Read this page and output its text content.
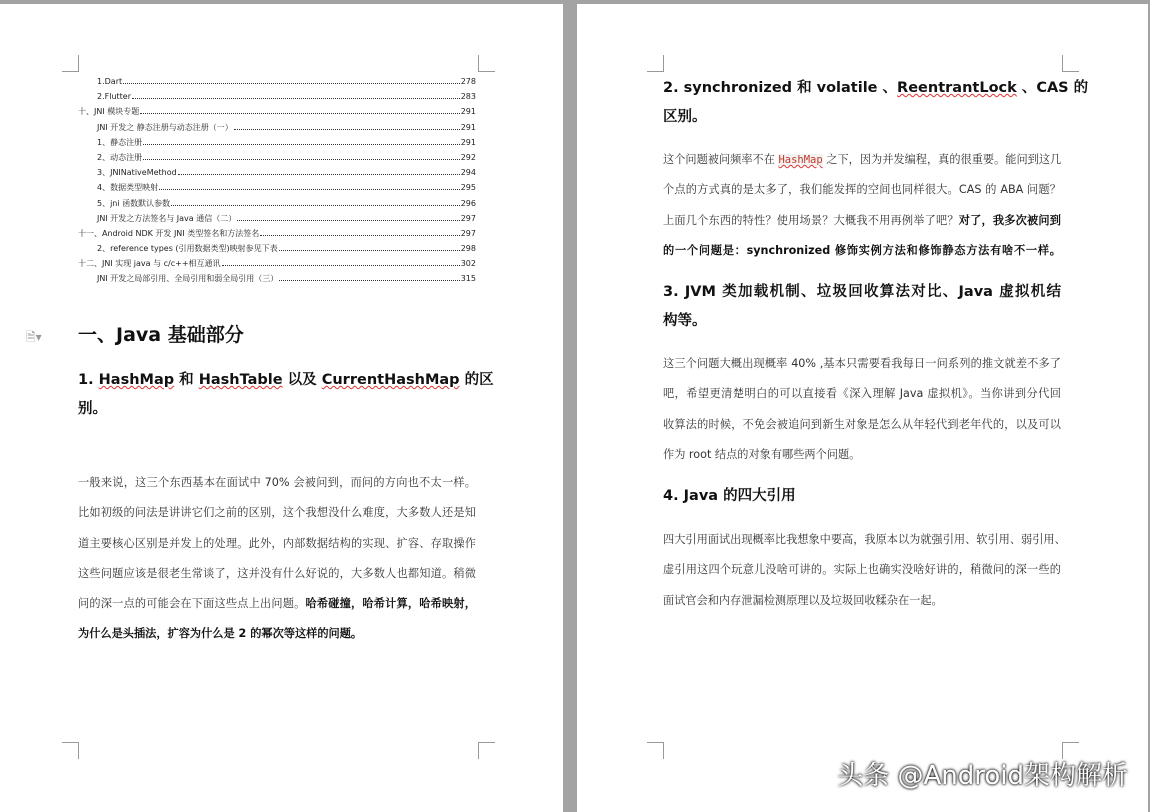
1.Dart	278
2.Flutter	283
十、JNI 模块专题	291
JNI 开发之 静态注册与动态注册（一）	291
1、静态注册	291
2、动态注册	292
3、JNINativeMethod	294
4、数据类型映射	295
5、jni 函数默认参数	296
JNI 开发之方法签名与 Java 通信（二）	297
十一、Android NDK 开发 JNI 类型签名和方法签名	297
2、reference types (引用数据类型)映射参见下表	298
十二、JNI 实现 java 与 c/c++相互通讯	302
JNI 开发之局部引用、全局引用和弱全局引用（三）	315
🗎▾ 一、Java 基础部分
1. HashMap 和 HashTable 以及 CurrentHashMap 的区
别。
一般来说，这三个东西基本在面试中 70% 会被问到，而问的方向也不太一样。
比如初级的问法是讲讲它们之前的区别，这个我想没什么难度，大多数人还是知
道主要核心区别是并发上的处理。此外，内部数据结构的实现、扩容、存取操作
这些问题应该是很老生常谈了，这并没有什么好说的，大多数人也都知道。稍微
问的深一点的可能会在下面这些点上出问题。哈希碰撞，哈希计算，哈希映射，
为什么是头插法，扩容为什么是 2 的幂次等这样的问题。
2. synchronized 和 volatile 、ReentrantLock 、CAS 的
区别。
这个问题被问频率不在 HashMap 之下，因为并发编程，真的很重要。能问到这几
个点的方式真的是太多了，我们能发挥的空间也同样很大。CAS 的 ABA 问题？
上面几个东西的特性？使用场景？大概我不用再例举了吧？对了，我多次被问到
的一个问题是：synchronized 修饰实例方法和修饰静态方法有啥不一样。
3. JVM 类加载机制、垃圾回收算法对比、Java 虚拟机结
构等。
这三个问题大概出现概率 40% ,基本只需要看我每日一问系列的推文就差不多了
吧，希望更清楚明白的可以直接看《深入理解 Java 虚拟机》。当你讲到分代回
收算法的时候，不免会被追问到新生对象是怎么从年轻代到老年代的，以及可以
作为 root 结点的对象有哪些两个问题。
4. Java 的四大引用
四大引用面试出现概率比我想象中要高，我原本以为就强引用、软引用、弱引用、
虚引用这四个玩意儿没啥可讲的。实际上也确实没啥好讲的，稍微问的深一些的
面试官会和内存泄漏检测原理以及垃圾回收糅杂在一起。
头条 @Android架构解析
